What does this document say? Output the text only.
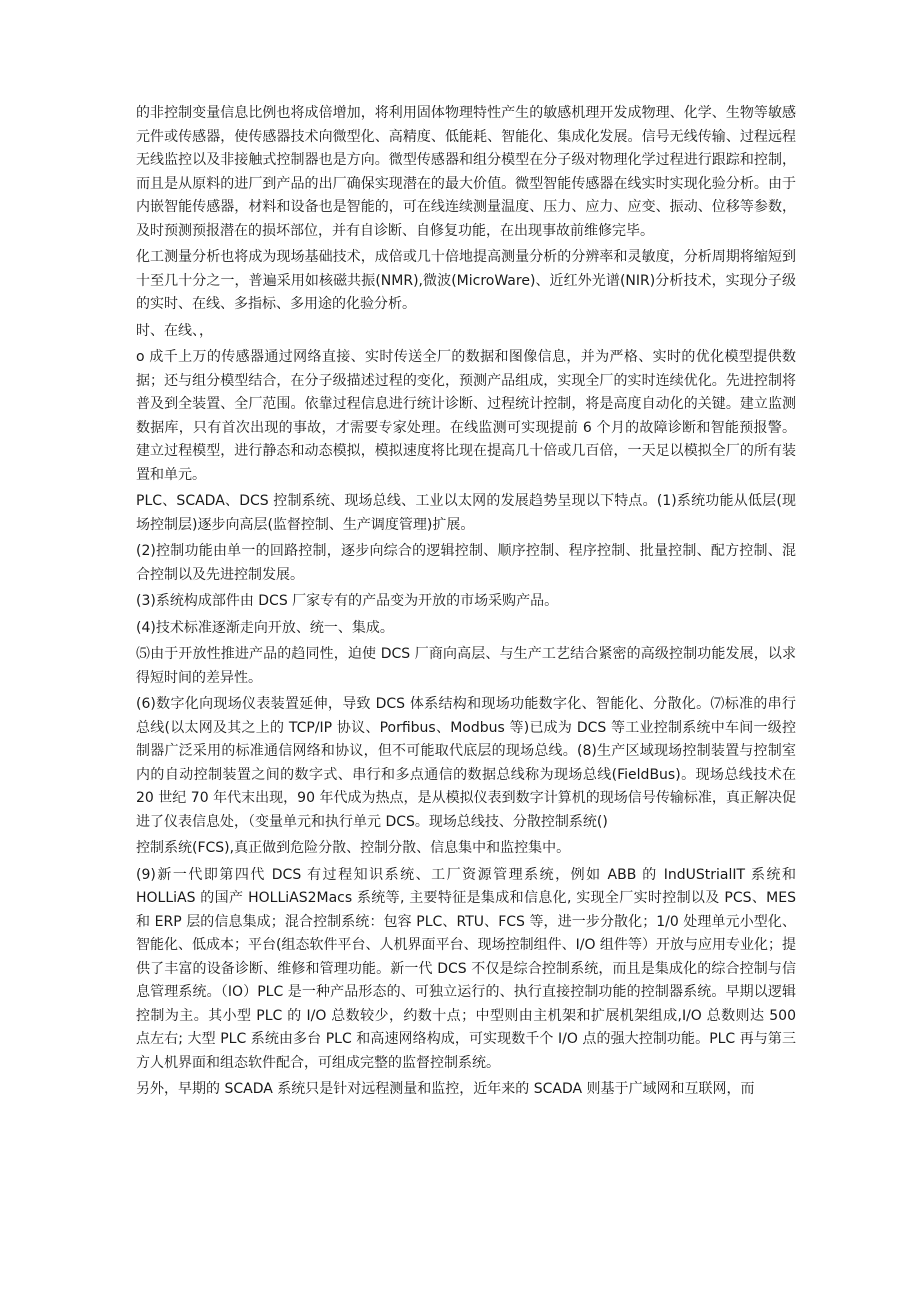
的非控制变量信息比例也将成倍增加，将利用固体物理特性产生的敏感机理开发成物理、化学、生物等敏感元件或传感器，使传感器技术向微型化、高精度、低能耗、智能化、集成化发展。信号无线传输、过程远程无线监控以及非接触式控制器也是方向。微型传感器和组分模型在分子级对物理化学过程进行跟踪和控制，而且是从原料的进厂到产品的出厂确保实现潜在的最大价值。微型智能传感器在线实时实现化验分析。由于内嵌智能传感器，材料和设备也是智能的，可在线连续测量温度、压力、应力、应变、振动、位移等参数，及时预测预报潜在的损坏部位，并有自诊断、自修复功能，在出现事故前维修完毕。

化工测量分析也将成为现场基础技术，成倍或几十倍地提高测量分析的分辨率和灵敏度，分析周期将缩短到十至几十分之一，普遍采用如核磁共振(NMR),微波(MicroWare)、近红外光谱(NIR)分析技术，实现分子级的实时、在线、多指标、多用途的化验分析。

时、在线、，

o 成千上万的传感器通过网络直接、实时传送全厂的数据和图像信息，并为严格、实时的优化模型提供数据；还与组分模型结合，在分子级描述过程的变化，预测产品组成，实现全厂的实时连续优化。先进控制将普及到全装置、全厂范围。依靠过程信息进行统计诊断、过程统计控制，将是高度自动化的关键。建立监测数据库，只有首次出现的事故，才需要专家处理。在线监测可实现提前 6 个月的故障诊断和智能预报警。建立过程模型，进行静态和动态模拟，模拟速度将比现在提高几十倍或几百倍，一天足以模拟全厂的所有装置和单元。

PLC、SCADA、DCS 控制系统、现场总线、工业以太网的发展趋势呈现以下特点。(1)系统功能从低层(现场控制层)逐步向高层(监督控制、生产调度管理)扩展。

(2)控制功能由单一的回路控制，逐步向综合的逻辑控制、顺序控制、程序控制、批量控制、配方控制、混合控制以及先进控制发展。

(3)系统构成部件由 DCS 厂家专有的产品变为开放的市场采购产品。

(4)技术标准逐渐走向开放、统一、集成。

⑸由于开放性推进产品的趋同性，迫使 DCS 厂商向高层、与生产工艺结合紧密的高级控制功能发展，以求得短时间的差异性。

(6)数字化向现场仪表装置延伸，导致 DCS 体系结构和现场功能数字化、智能化、分散化。⑺标准的串行总线(以太网及其之上的 TCP/IP 协议、Porfibus、Modbus 等)已成为 DCS 等工业控制系统中车间一级控制器广泛采用的标准通信网络和协议，但不可能取代底层的现场总线。(8)生产区域现场控制装置与控制室内的自动控制装置之间的数字式、串行和多点通信的数据总线称为现场总线(FieldBus)。现场总线技术在 20 世纪 70 年代末出现，90 年代成为热点，是从模拟仪表到数字计算机的现场信号传输标准，真正解决促进了仪表信息处，（变量单元和执行单元 DCS。现场总线技、分散控制系统()

控制系统(FCS),真正做到危险分散、控制分散、信息集中和监控集中。

(9)新一代即第四代 DCS 有过程知识系统、工厂资源管理系统，例如 ABB 的 IndUStrialIT 系统和 HOLLiAS 的国产 HOLLiAS2Macs 系统等, 主要特征是集成和信息化, 实现全厂实时控制以及 PCS、MES 和 ERP 层的信息集成；混合控制系统：包容 PLC、RTU、FCS 等，进一步分散化；1/0 处理单元小型化、智能化、低成本；平台(组态软件平台、人机界面平台、现场控制组件、I/O 组件等）开放与应用专业化；提供了丰富的设备诊断、维修和管理功能。新一代 DCS 不仅是综合控制系统，而且是集成化的综合控制与信息管理系统。（IO）PLC 是一种产品形态的、可独立运行的、执行直接控制功能的控制器系统。早期以逻辑控制为主。其小型 PLC 的 I/O 总数较少，约数十点；中型则由主机架和扩展机架组成,I/O 总数则达 500 点左右; 大型 PLC 系统由多台 PLC 和高速网络构成，可实现数千个 I/O 点的强大控制功能。PLC 再与第三方人机界面和组态软件配合，可组成完整的监督控制系统。

另外，早期的 SCADA 系统只是针对远程测量和监控，近年来的 SCADA 则基于广域网和互联网，而
